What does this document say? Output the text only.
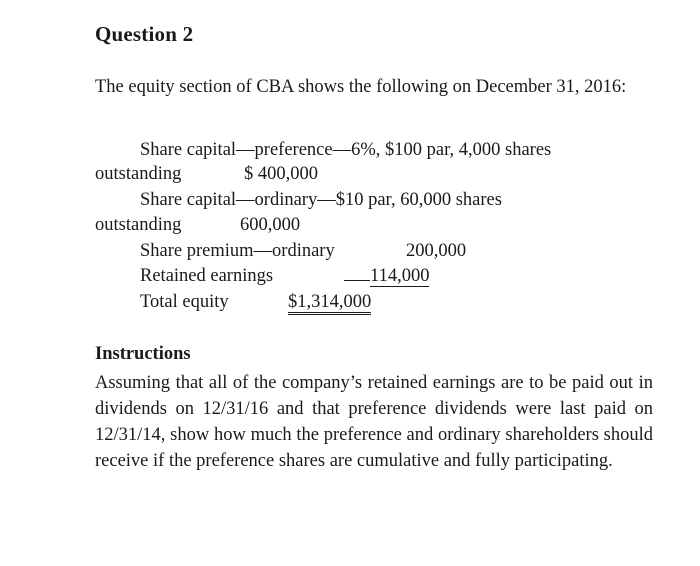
Question 2
The equity section of CBA shows the following on December 31, 2016:
Share capital—preference—6%, $100 par, 4,000 shares
outstanding	$ 400,000
Share capital—ordinary—$10 par, 60,000 shares
outstanding	600,000
Share premium—ordinary	200,000
Retained earnings	114,000
Total equity	$1,314,000
Instructions
Assuming that all of the company’s retained earnings are to be paid out in dividends on 12/31/16 and that preference dividends were last paid on 12/31/14, show how much the preference and ordinary shareholders should receive if the preference shares are cumulative and fully participating.
